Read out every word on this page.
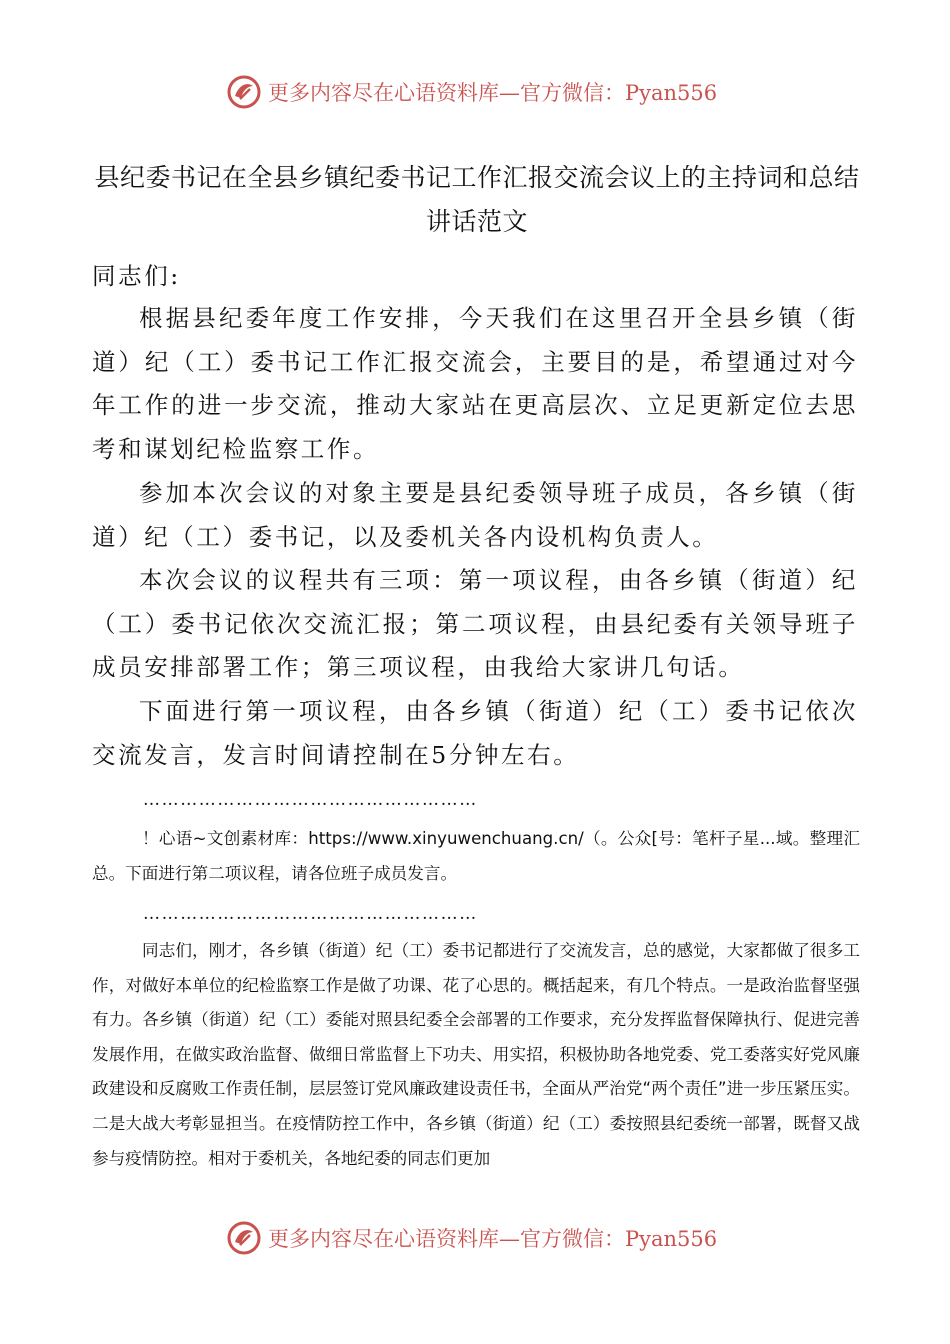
更多内容尽在心语资料库—官方微信：Pyan556
县纪委书记在全县乡镇纪委书记工作汇报交流会议上的主持词和总结讲话范文
同志们:
根据县纪委年度工作安排，今天我们在这里召开全县乡镇（街道）纪（工）委书记工作汇报交流会，主要目的是，希望通过对今年工作的进一步交流，推动大家站在更高层次、立足更新定位去思考和谋划纪检监察工作。
参加本次会议的对象主要是县纪委领导班子成员，各乡镇（街道）纪（工）委书记，以及委机关各内设机构负责人。
本次会议的议程共有三项：第一项议程，由各乡镇（街道）纪（工）委书记依次交流汇报；第二项议程，由县纪委有关领导班子成员安排部署工作；第三项议程，由我给大家讲几句话。
下面进行第一项议程，由各乡镇（街道）纪（工）委书记依次交流发言，发言时间请控制在5分钟左右。
………………………………………………
！心语~文创素材库：https://www.xinyuwenchuang.cn/（。公众[号：笔杆子星...域。整理汇总。下面进行第二项议程，请各位班子成员发言。
………………………………………………
同志们，刚才，各乡镇（街道）纪（工）委书记都进行了交流发言，总的感觉，大家都做了很多工作，对做好本单位的纪检监察工作是做了功课、花了心思的。概括起来，有几个特点。一是政治监督坚强有力。各乡镇（街道）纪（工）委能对照县纪委全会部署的工作要求，充分发挥监督保障执行、促进完善发展作用，在做实政治监督、做细日常监督上下功夫、用实招，积极协助各地党委、党工委落实好党风廉政建设和反腐败工作责任制，层层签订党风廉政建设责任书，全面从严治党“两个责任”进一步压紧压实。二是大战大考彰显担当。在疫情防控工作中，各乡镇（街道）纪（工）委按照县纪委统一部署，既督又战参与疫情防控。相对于委机关，各地纪委的同志们更加
更多内容尽在心语资料库—官方微信：Pyan556
